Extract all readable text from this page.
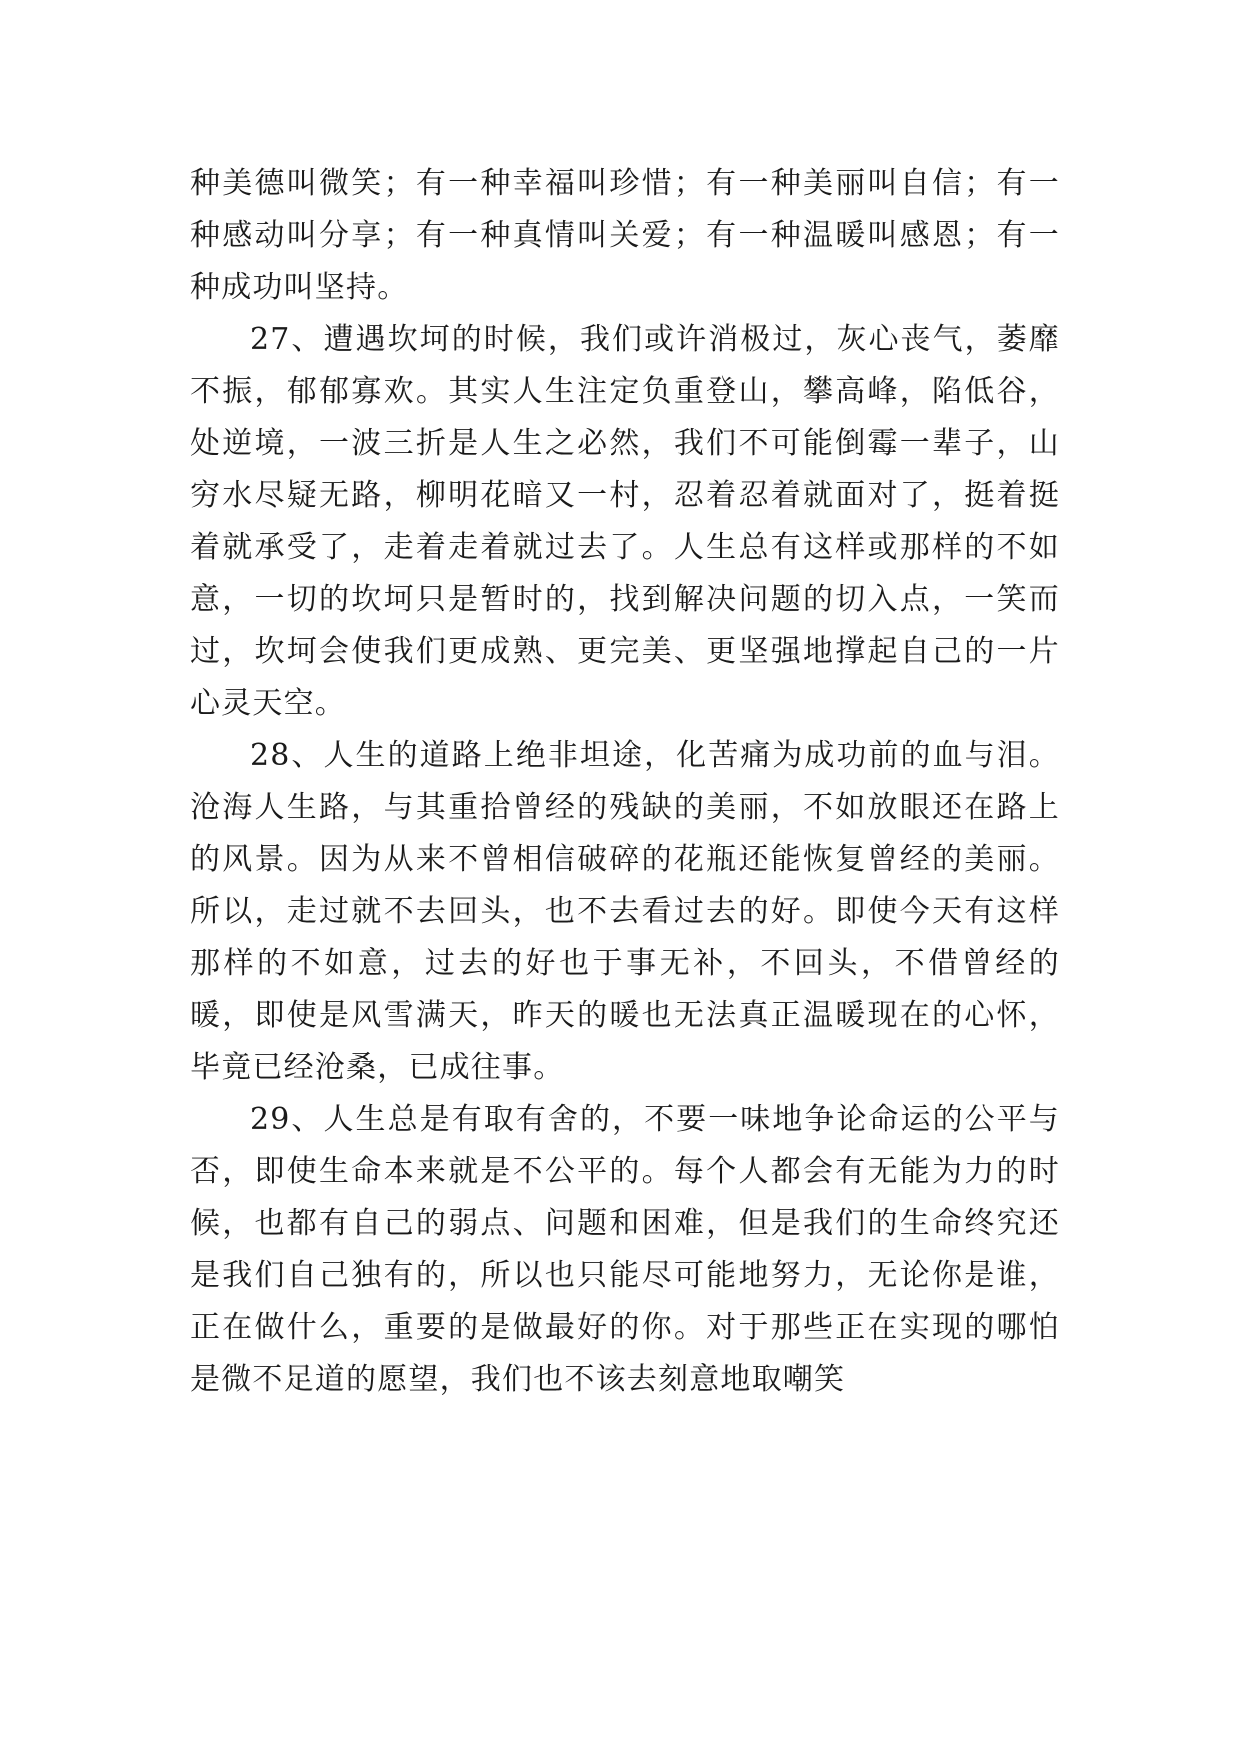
种美德叫微笑；有一种幸福叫珍惜；有一种美丽叫自信；有一种感动叫分享；有一种真情叫关爱；有一种温暖叫感恩；有一种成功叫坚持。

27、遭遇坎坷的时候，我们或许消极过，灰心丧气，萎靡不振，郁郁寡欢。其实人生注定负重登山，攀高峰，陷低谷，处逆境，一波三折是人生之必然，我们不可能倒霉一辈子，山穷水尽疑无路，柳明花暗又一村，忍着忍着就面对了，挺着挺着就承受了，走着走着就过去了。人生总有这样或那样的不如意，一切的坎坷只是暂时的，找到解决问题的切入点，一笑而过，坎坷会使我们更成熟、更完美、更坚强地撑起自己的一片心灵天空。

28、人生的道路上绝非坦途，化苦痛为成功前的血与泪。沧海人生路，与其重拾曾经的残缺的美丽，不如放眼还在路上的风景。因为从来不曾相信破碎的花瓶还能恢复曾经的美丽。所以，走过就不去回头，也不去看过去的好。即使今天有这样那样的不如意，过去的好也于事无补，不回头，不借曾经的暖，即使是风雪满天，昨天的暖也无法真正温暖现在的心怀，毕竟已经沧桑，已成往事。

29、人生总是有取有舍的，不要一味地争论命运的公平与否，即使生命本来就是不公平的。每个人都会有无能为力的时候，也都有自己的弱点、问题和困难，但是我们的生命终究还是我们自己独有的，所以也只能尽可能地努力，无论你是谁，正在做什么，重要的是做最好的你。对于那些正在实现的哪怕是微不足道的愿望，我们也不该去刻意地取嘲笑
